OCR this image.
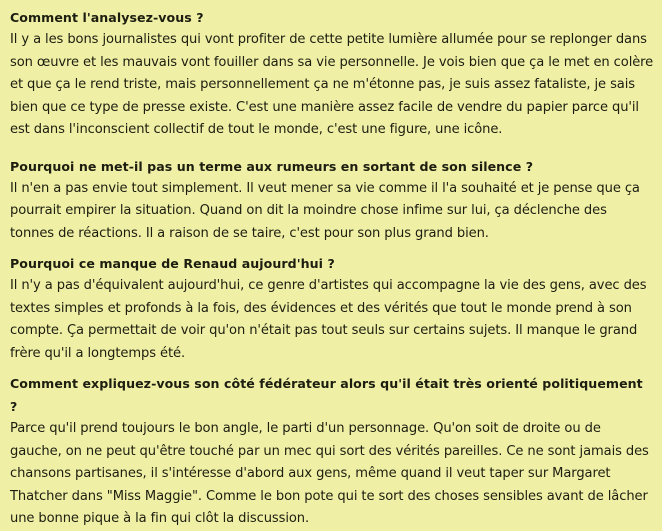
Comment l'analysez-vous ?

Il y a les bons journalistes qui vont profiter de cette petite lumière allumée pour se replonger dans son œuvre et les mauvais vont fouiller dans sa vie personnelle. Je vois bien que ça le met en colère et que ça le rend triste, mais personnellement ça ne m'étonne pas, je suis assez fataliste, je sais bien que ce type de presse existe. C'est une manière assez facile de vendre du papier parce qu'il est dans l'inconscient collectif de tout le monde, c'est une figure, une icône.

Pourquoi ne met-il pas un terme aux rumeurs en sortant de son silence ?

Il n'en a pas envie tout simplement. Il veut mener sa vie comme il l'a souhaité et je pense que ça pourrait empirer la situation. Quand on dit la moindre chose infime sur lui, ça déclenche des tonnes de réactions. Il a raison de se taire, c'est pour son plus grand bien.

Pourquoi ce manque de Renaud aujourd'hui ?

Il n'y a pas d'équivalent aujourd'hui, ce genre d'artistes qui accompagne la vie des gens, avec des textes simples et profonds à la fois, des évidences et des vérités que tout le monde prend à son compte. Ça permettait de voir qu'on n'était pas tout seuls sur certains sujets. Il manque le grand frère qu'il a longtemps été.

Comment expliquez-vous son côté fédérateur alors qu'il était très orienté politiquement ?

Parce qu'il prend toujours le bon angle, le parti d'un personnage. Qu'on soit de droite ou de gauche, on ne peut qu'être touché par un mec qui sort des vérités pareilles. Ce ne sont jamais des chansons partisanes, il s'intéresse d'abord aux gens, même quand il veut taper sur Margaret Thatcher dans "Miss Maggie". Comme le bon pote qui te sort des choses sensibles avant de lâcher une bonne pique à la fin qui clôt la discussion.
